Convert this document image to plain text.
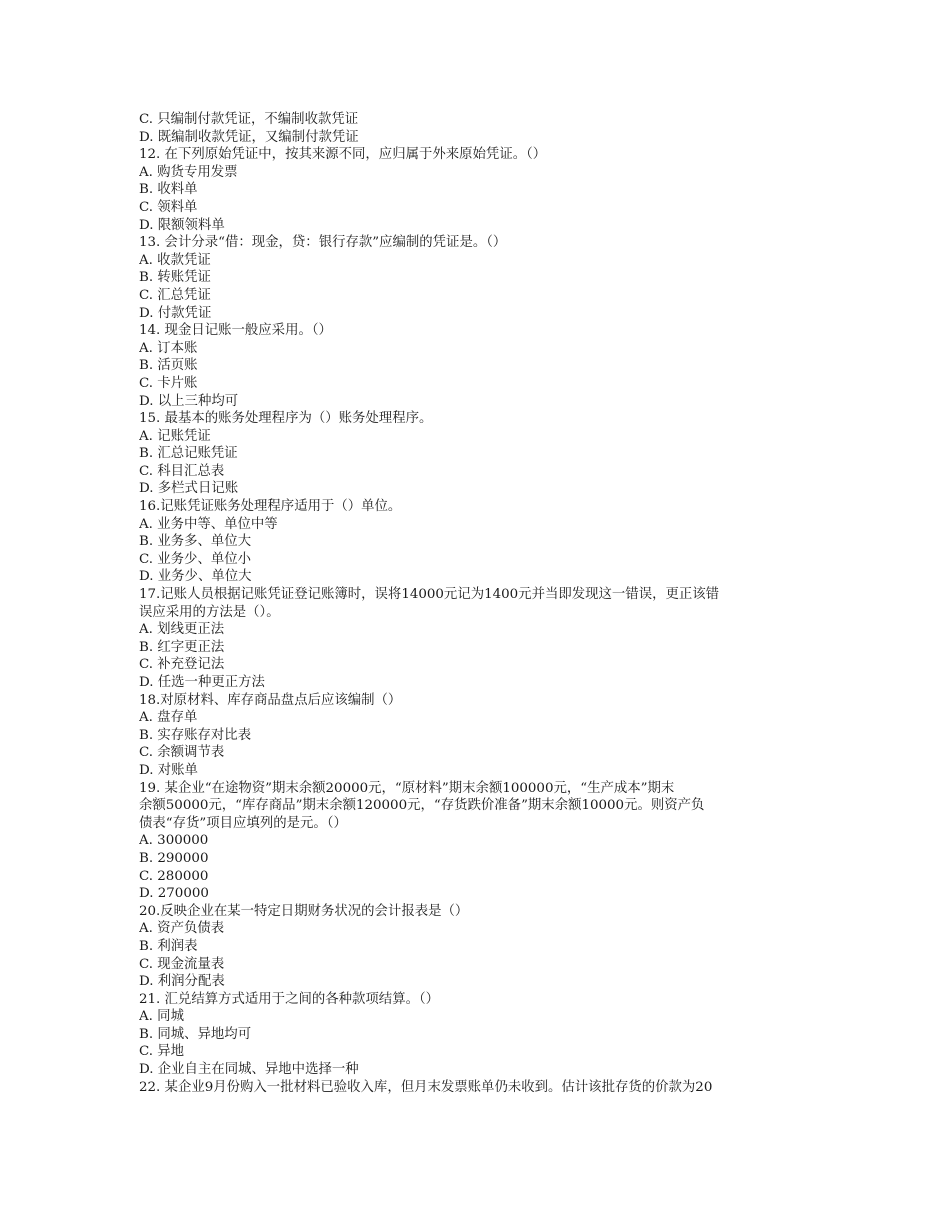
C. 只编制付款凭证，不编制收款凭证
D. 既编制收款凭证，又编制付款凭证
12. 在下列原始凭证中，按其来源不同，应归属于外来原始凭证。（）
A. 购货专用发票
B. 收料单
C. 领料单
D. 限额领料单
13. 会计分录“借：现金，贷：银行存款”应编制的凭证是。（）
A. 收款凭证
B. 转账凭证
C. 汇总凭证
D. 付款凭证
14. 现金日记账一般应采用。（）
A. 订本账
B. 活页账
C. 卡片账
D. 以上三种均可
15. 最基本的账务处理程序为（）账务处理程序。
A. 记账凭证
B. 汇总记账凭证
C. 科目汇总表
D. 多栏式日记账
16.记账凭证账务处理程序适用于（）单位。
A. 业务中等、单位中等
B. 业务多、单位大
C. 业务少、单位小
D. 业务少、单位大
17.记账人员根据记账凭证登记账簿时，误将14000元记为1400元并当即发现这一错误，更正该错
误应采用的方法是（）。
A. 划线更正法
B. 红字更正法
C. 补充登记法
D. 任选一种更正方法
18.对原材料、库存商品盘点后应该编制（）
A. 盘存单
B. 实存账存对比表
C. 余额调节表
D. 对账单
19. 某企业“在途物资”期末余额20000元，“原材料”期末余额100000元，“生产成本”期末
余额50000元，“库存商品”期末余额120000元，“存货跌价准备”期末余额10000元。则资产负
债表“存货”项目应填列的是元。（）
A. 300000
B. 290000
C. 280000
D. 270000
20.反映企业在某一特定日期财务状况的会计报表是（）
A. 资产负债表
B. 利润表
C. 现金流量表
D. 利润分配表
21. 汇兑结算方式适用于之间的各种款项结算。（）
A. 同城
B. 同城、异地均可
C. 异地
D. 企业自主在同城、异地中选择一种
22. 某企业9月份购入一批材料已验收入库，但月末发票账单仍未收到。估计该批存货的价款为20
